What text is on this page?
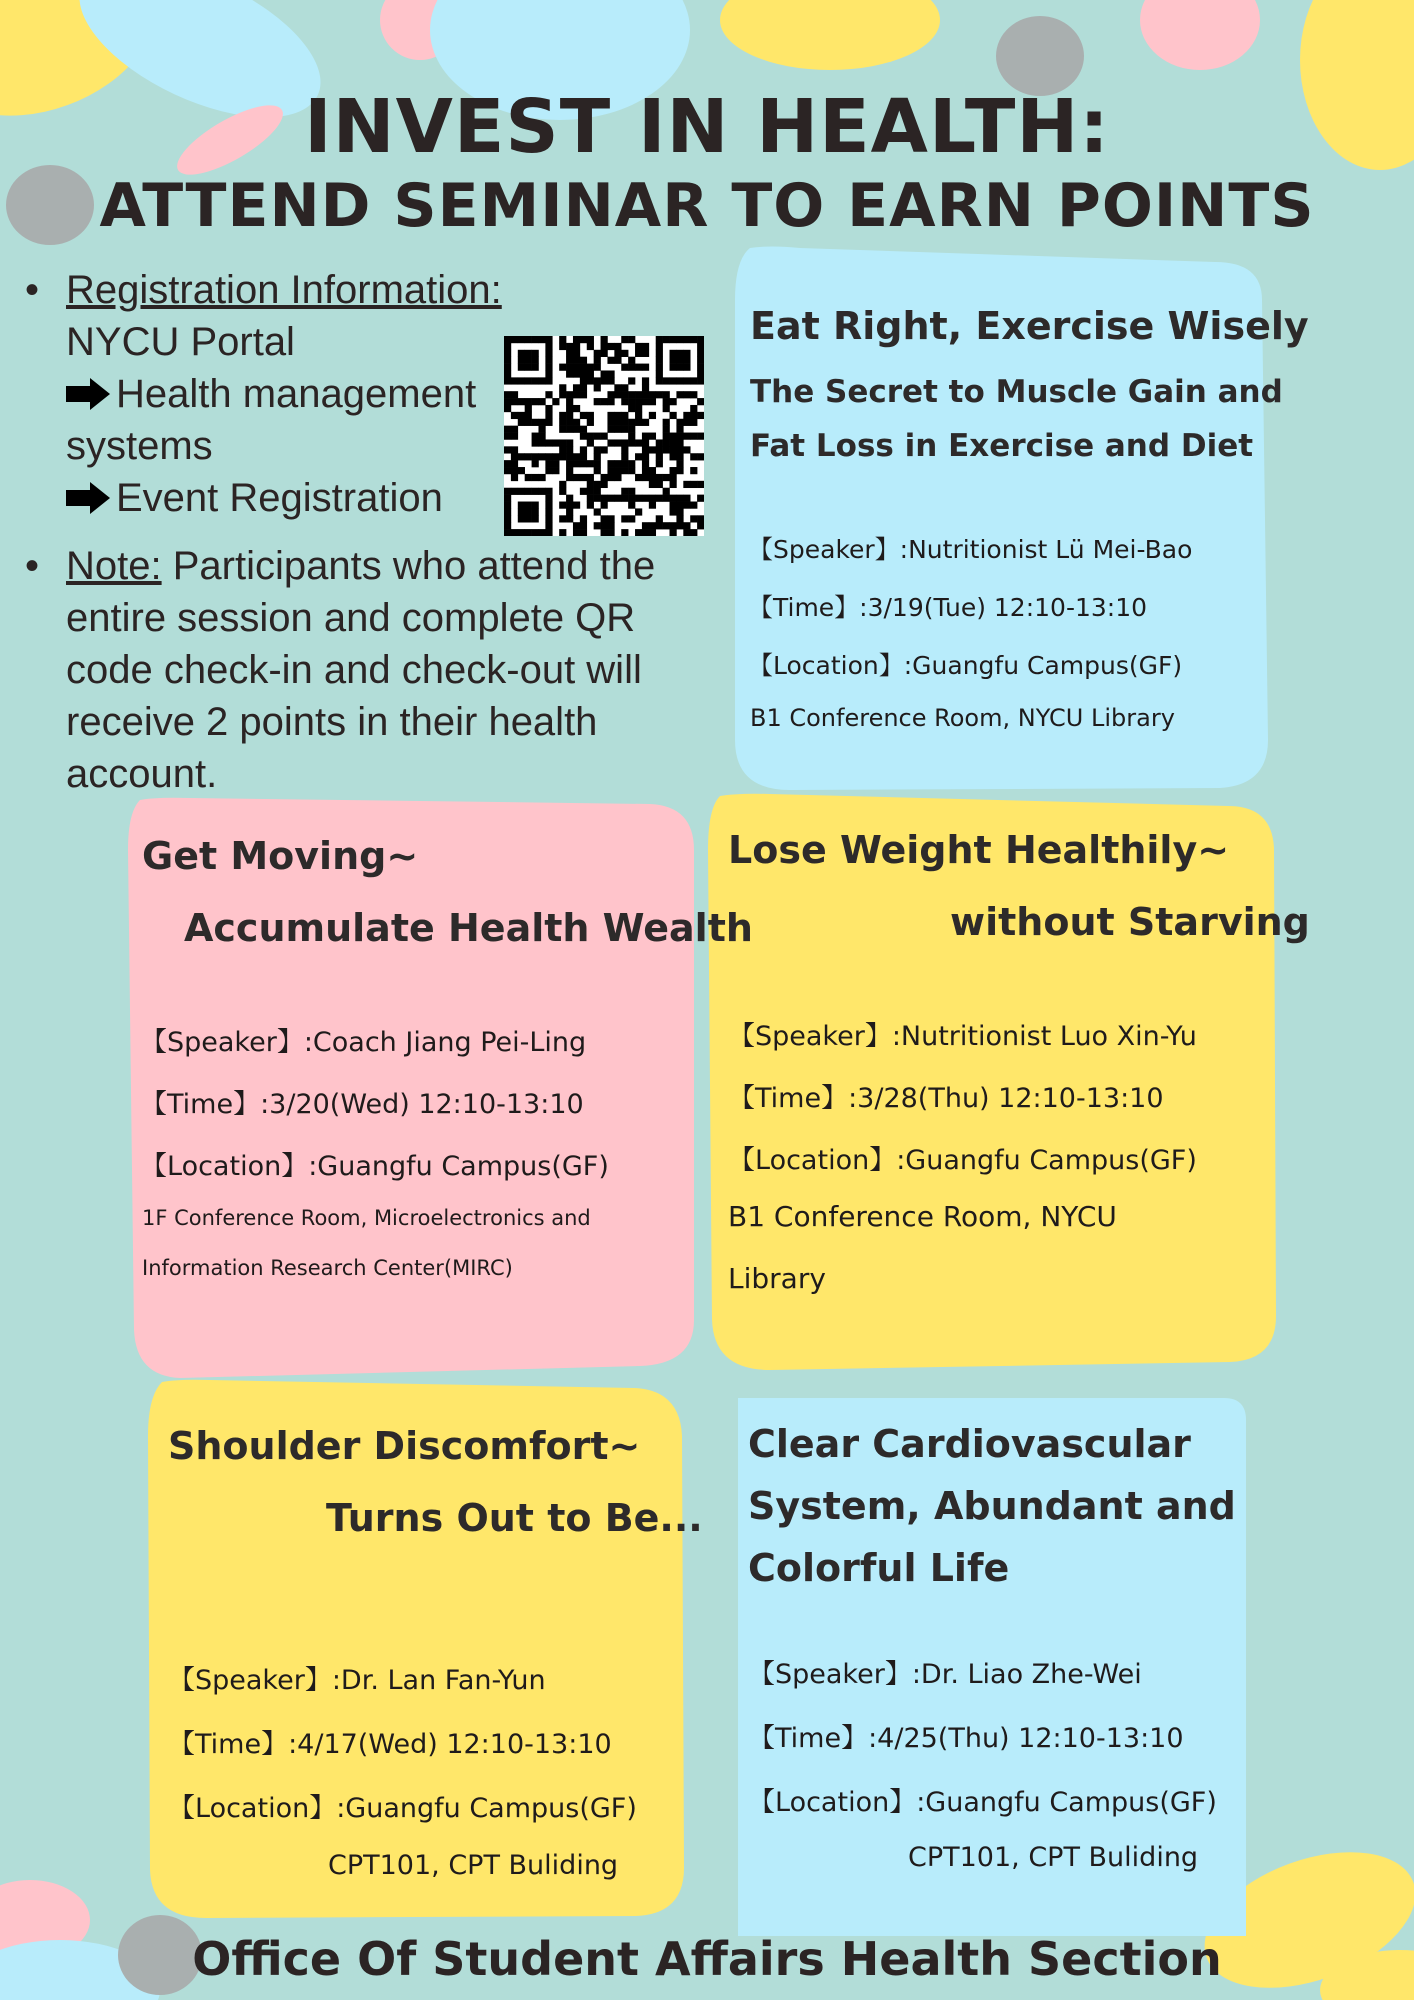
INVEST IN HEALTH:
ATTEND SEMINAR TO EARN POINTS
• Registration Information:
NYCU Portal
Health management
systems
Event Registration
• Note: Participants who attend the entire session and complete QR code check-in and check-out will receive 2 points in their health account.
Eat Right, Exercise Wisely
The Secret to Muscle Gain and
Fat Loss in Exercise and Diet
【Speaker】:Nutritionist Lü Mei-Bao
【Time】:3/19(Tue) 12:10-13:10
【Location】:Guangfu Campus(GF)
B1 Conference Room, NYCU Library
Get Moving~
Accumulate Health Wealth
【Speaker】:Coach Jiang Pei-Ling
【Time】:3/20(Wed) 12:10-13:10
【Location】:Guangfu Campus(GF)
1F Conference Room, Microelectronics and
Information Research Center(MIRC)
Lose Weight Healthily~
without Starving
【Speaker】:Nutritionist Luo Xin-Yu
【Time】:3/28(Thu) 12:10-13:10
【Location】:Guangfu Campus(GF)
B1 Conference Room, NYCU
Library
Shoulder Discomfort~
Turns Out to Be...
【Speaker】:Dr. Lan Fan-Yun
【Time】:4/17(Wed) 12:10-13:10
【Location】:Guangfu Campus(GF)
CPT101, CPT Buliding
Clear Cardiovascular
System, Abundant and
Colorful Life
【Speaker】:Dr. Liao Zhe-Wei
【Time】:4/25(Thu) 12:10-13:10
【Location】:Guangfu Campus(GF)
CPT101, CPT Buliding
Office Of Student Affairs Health Section
